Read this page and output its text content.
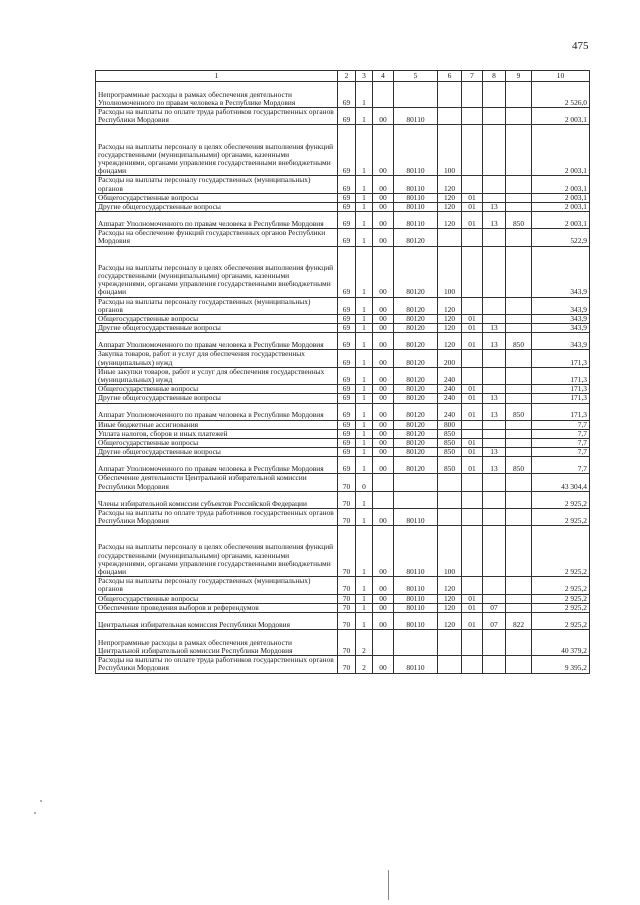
475
1	2	3	4	5	6	7	8	9	10
Непрограммные расходы в рамках обеспечения деятельности Уполномоченного по правам человека в Республике Мордовия	69	1							2 526,0
Расходы на выплаты по оплате труда работников государственных органов Республики Мордовия	69	1	00	80110					2 003,1
Расходы на выплаты персоналу в целях обеспечения выполнения функций государственными (муниципальными) органами, казенными учреждениями, органами управления государственными внебюджетными фондами	69	1	00	80110	100				2 003,1
Расходы на выплаты персоналу государственных (муниципальных) органов	69	1	00	80110	120				2 003,1
Общегосударственные вопросы	69	1	00	80110	120	01			2 003,1
Другие общегосударственные вопросы	69	1	00	80110	120	01	13		2 003,1
Аппарат Уполномоченного по правам человека в Республике Мордовия	69	1	00	80110	120	01	13	850	2 003,1
Расходы на обеспечение функций государственных органов Республики Мордовия	69	1	00	80120					522,9
Расходы на выплаты персоналу в целях обеспечения выполнения функций государственными (муниципальными) органами, казенными учреждениями, органами управления государственными внебюджетными фондами	69	1	00	80120	100				343,9
Расходы на выплаты персоналу государственных (муниципальных) органов	69	1	00	80120	120				343,9
Общегосударственные вопросы	69	1	00	80120	120	01			343,9
Другие общегосударственные вопросы	69	1	00	80120	120	01	13		343,9
Аппарат Уполномоченного по правам человека в Республике Мордовия	69	1	00	80120	120	01	13	850	343,9
Закупка товаров, работ и услуг для обеспечения государственных (муниципальных) нужд	69	1	00	80120	200				171,3
Иные закупки товаров, работ и услуг для обеспечения государственных (муниципальных) нужд	69	1	00	80120	240				171,3
Общегосударственные вопросы	69	1	00	80120	240	01			171,3
Другие общегосударственные вопросы	69	1	00	80120	240	01	13		171,3
Аппарат Уполномоченного по правам человека в Республике Мордовия	69	1	00	80120	240	01	13	850	171,3
Иные бюджетные ассигнования	69	1	00	80120	800				7,7
Уплата налогов, сборов и иных платежей	69	1	00	80120	850				7,7
Общегосударственные вопросы	69	1	00	80120	850	01			7,7
Другие общегосударственные вопросы	69	1	00	80120	850	01	13		7,7
Аппарат Уполномоченного по правам человека в Республике Мордовия	69	1	00	80120	850	01	13	850	7,7
Обеспечение деятельности Центральной избирательной комиссии Республики Мордовия	70	0							43 304,4
Члены избирательной комиссии субъектов Российской Федерации	70	1							2 925,2
Расходы на выплаты по оплате труда работников государственных органов Республики Мордовия	70	1	00	80110					2 925,2
Расходы на выплаты персоналу в целях обеспечения выполнения функций государственными (муниципальными) органами, казенными учреждениями, органами управления государственными внебюджетными фондами	70	1	00	80110	100				2 925,2
Расходы на выплаты персоналу государственных (муниципальных) органов	70	1	00	80110	120				2 925,2
Общегосударственные вопросы	70	1	00	80110	120	01			2 925,2
Обеспечение проведения выборов и референдумов	70	1	00	80110	120	01	07		2 925,2
Центральная избирательная комиссия Республики Мордовия	70	1	00	80110	120	01	07	822	2 925,2
Непрограммные расходы в рамках обеспечения деятельности Центральной избирательной комиссии Республики Мордовия	70	2							40 379,2
Расходы на выплаты по оплате труда работников государственных органов Республики Мордовия	70	2	00	80110					9 395,2
